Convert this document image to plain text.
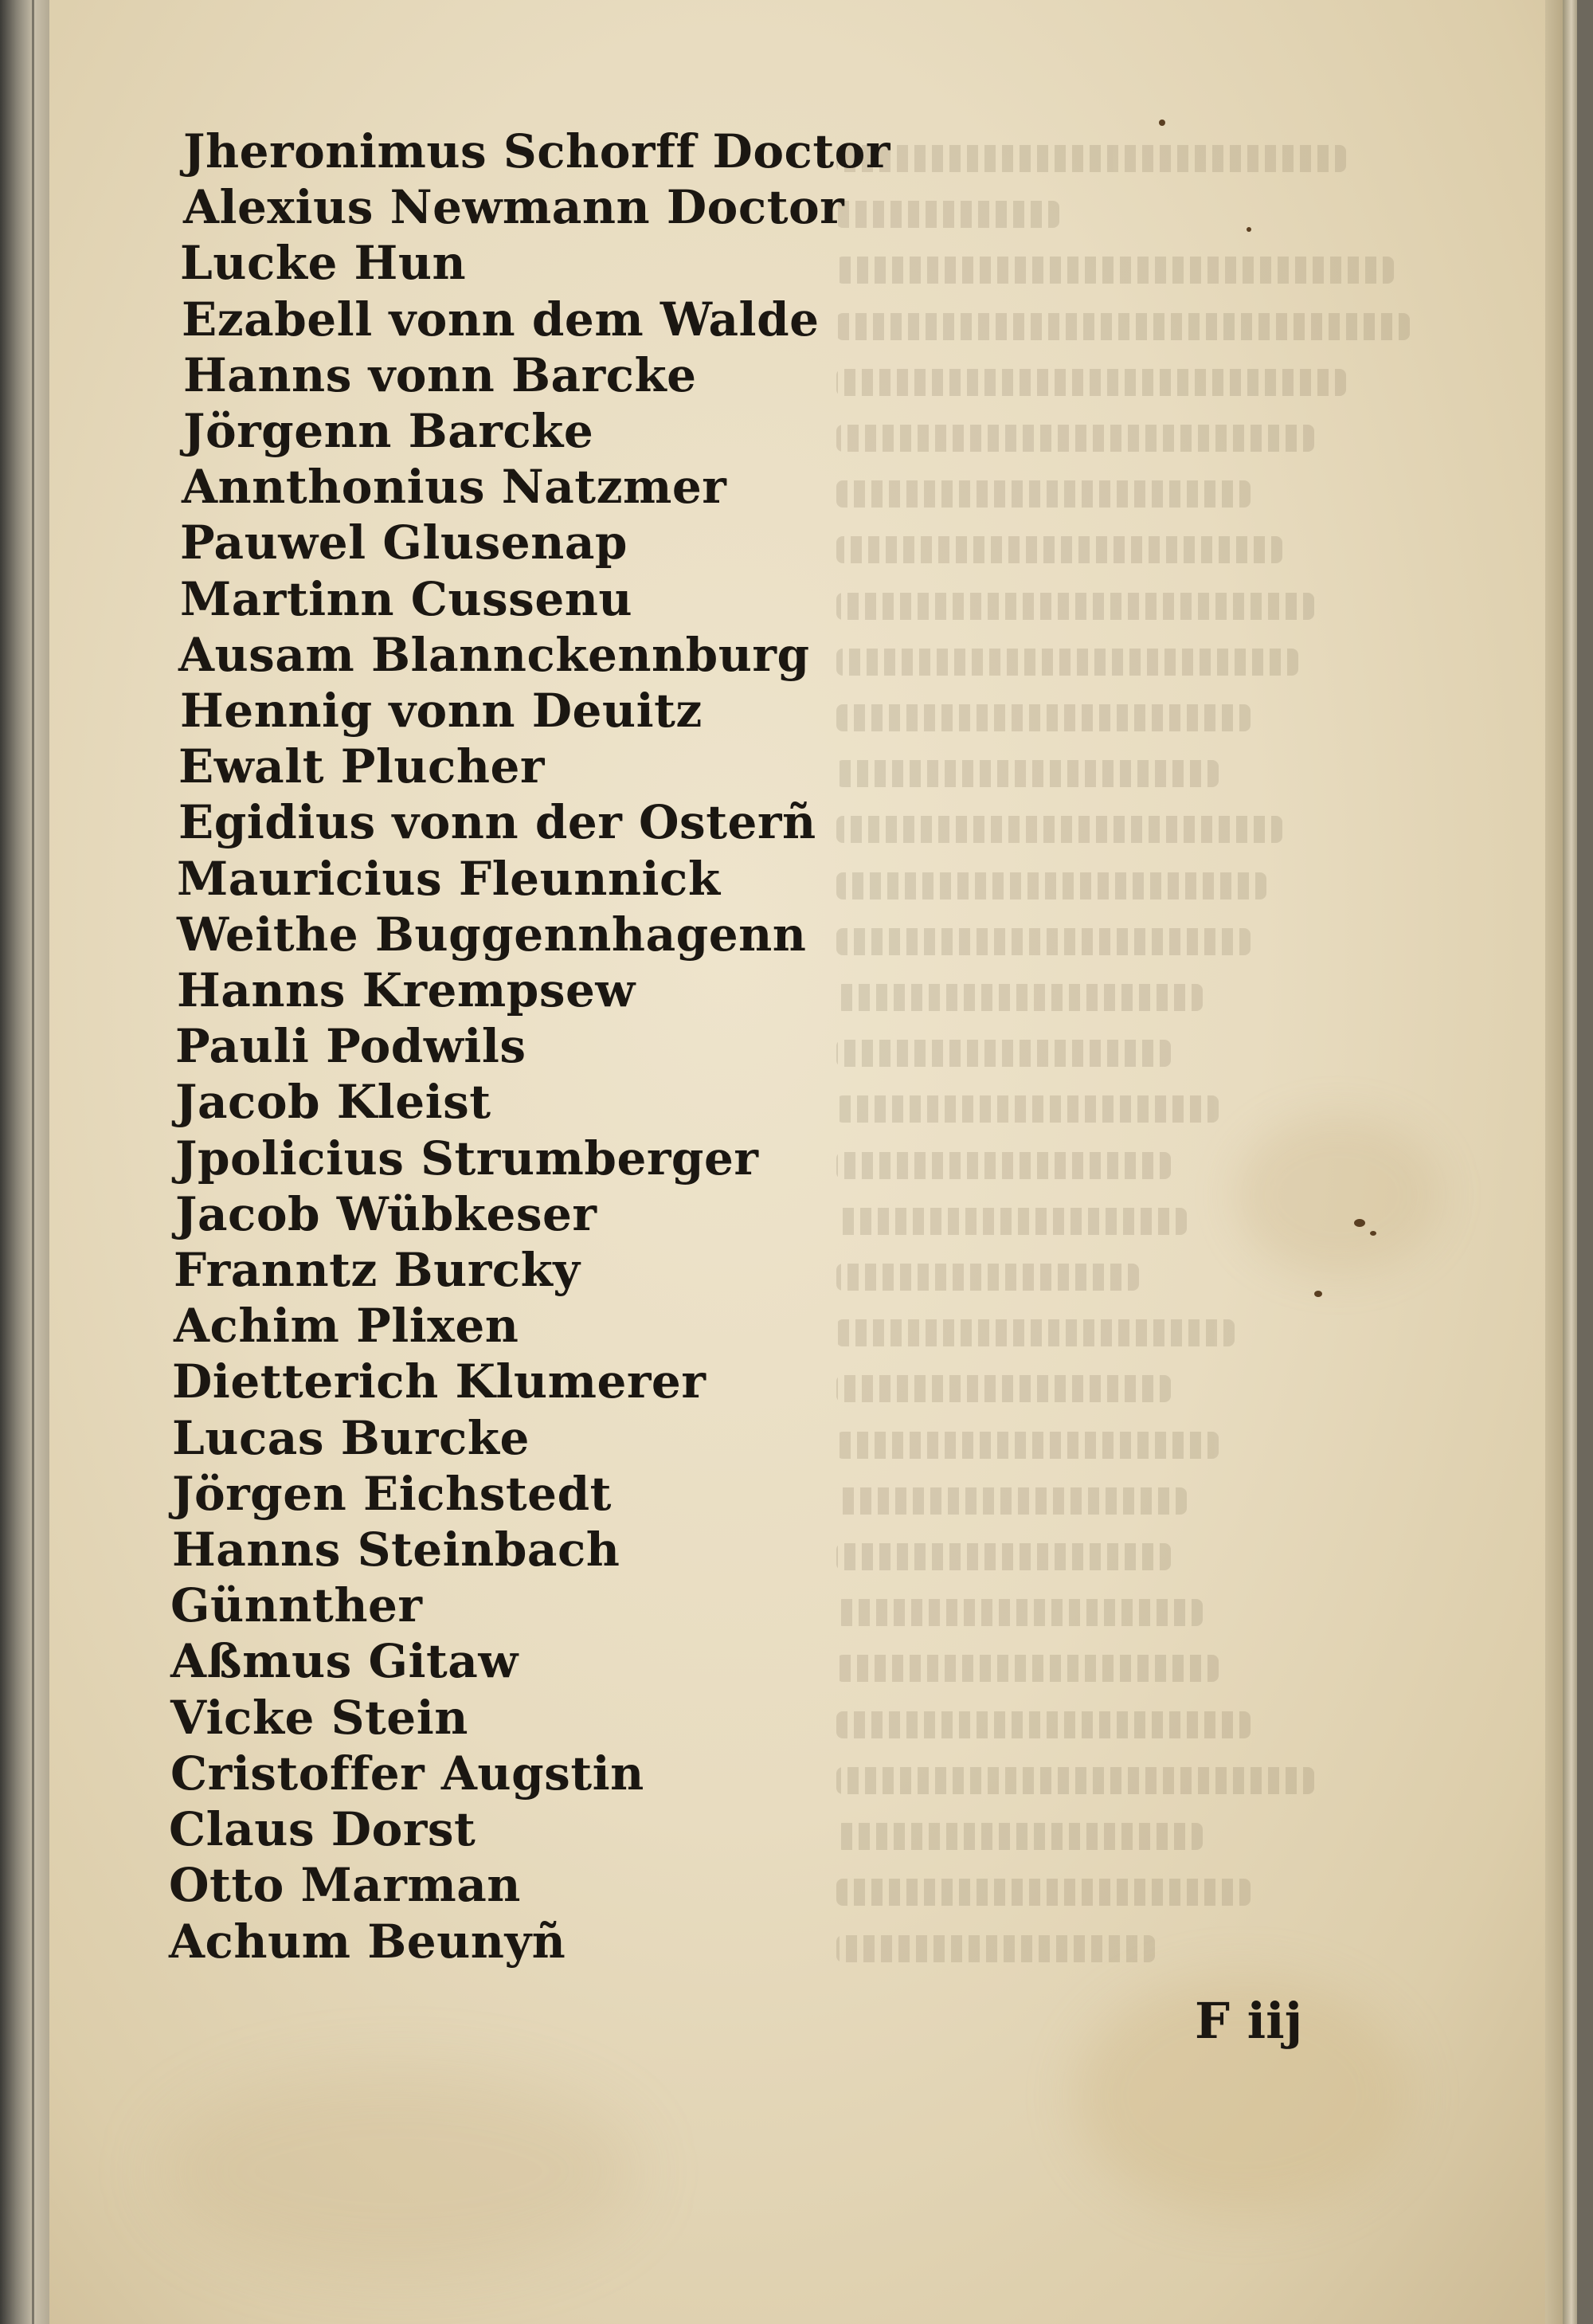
Jheronimus Schorff Doctor
Alexius Newmann Doctor
Lucke Hun
Ezabell vonn dem Walde
Hanns vonn Barcke
Jörgenn Barcke
Annthonius Natzmer
Pauwel Glusenap
Martinn Cussenu
Ausam Blannckennburg
Hennig vonn Deuitz
Ewalt Plucher
Egidius vonn der Osterñ
Mauricius Fleunnick
Weithe Buggennhagenn
Hanns Krempsew
Pauli Podwils
Jacob Kleist
Jpolicius Strumberger
Jacob Wübkeser
Franntz Burcky
Achim Plixen
Dietterich Klumerer
Lucas Burcke
Jörgen Eichstedt
Hanns Steinbach
Günnther
Aßmus Gitaw
Vicke Stein
Cristoffer Augstin
Claus Dorst
Otto Marman
Achum Beunyñ
F iij
